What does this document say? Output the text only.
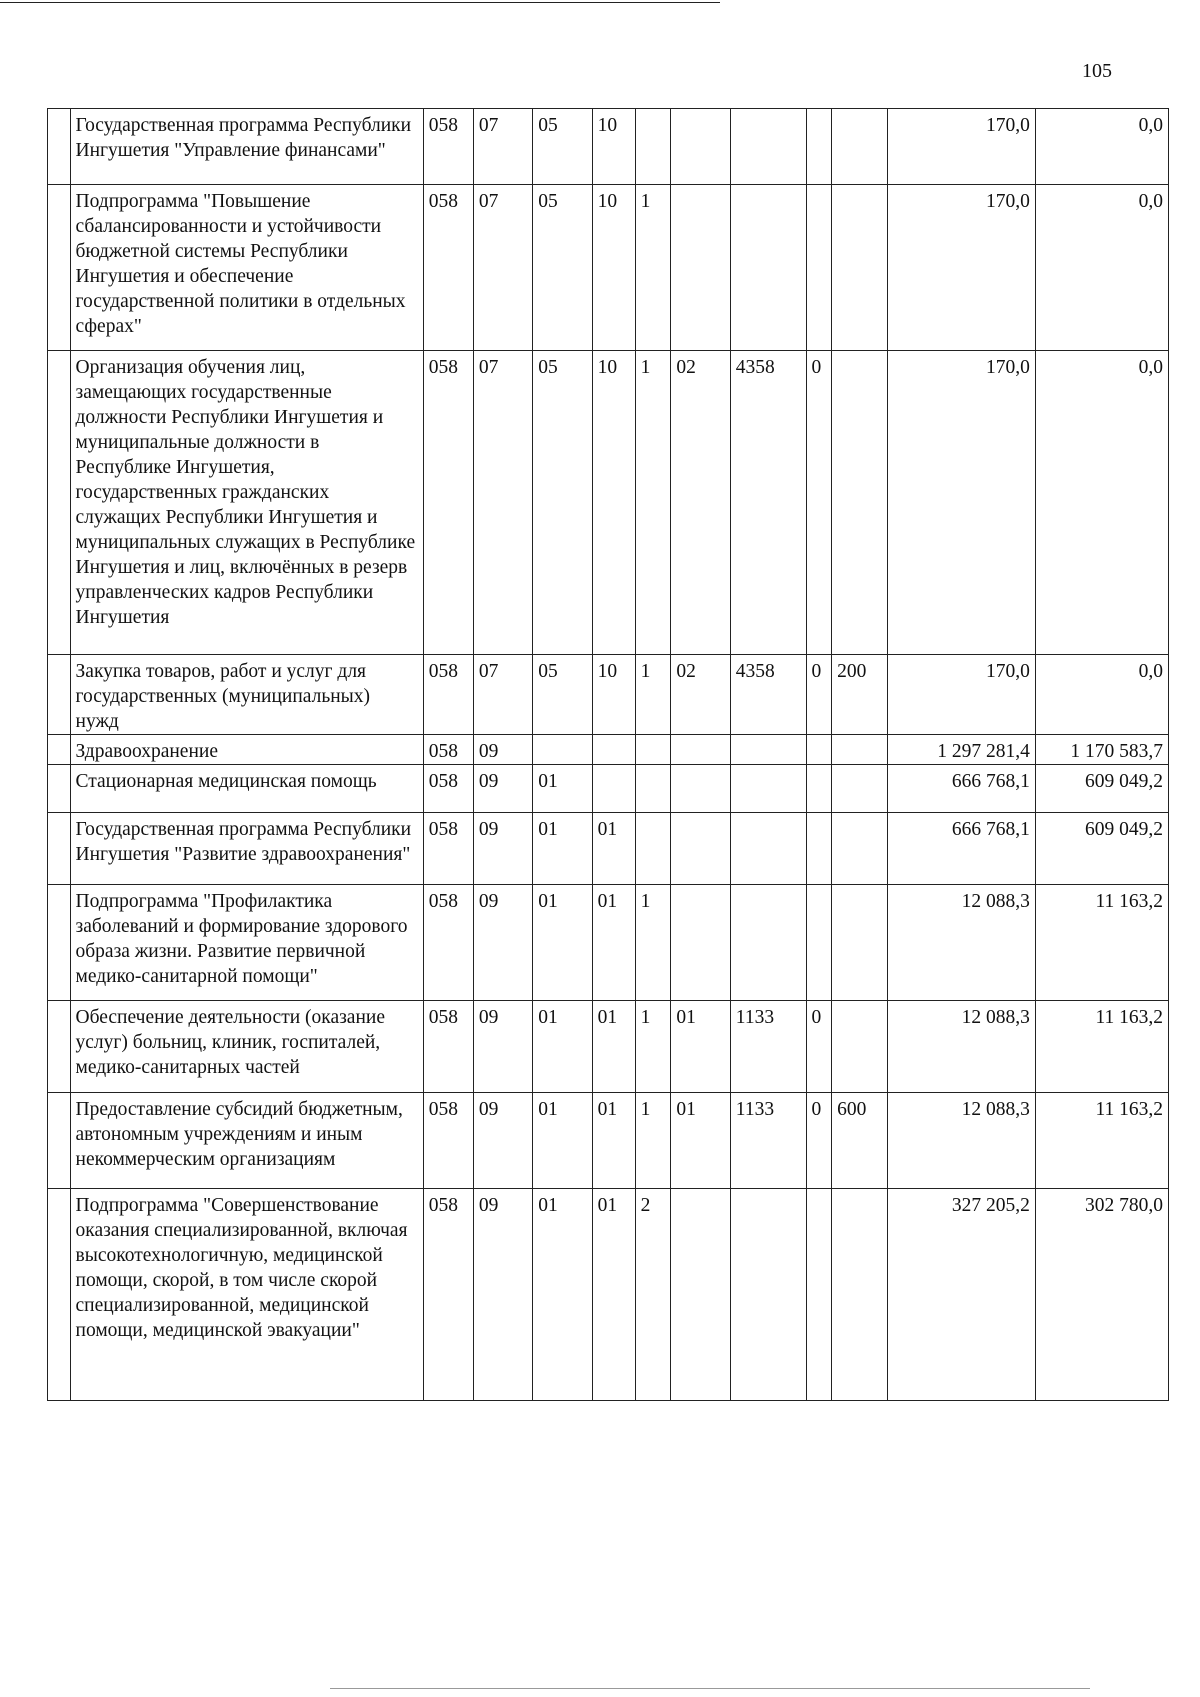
105
	Государственная программа Республики Ингушетия "Управление финансами"	058	07	05	10						170,0	0,0
	Подпрограмма "Повышение сбалансированности и устойчивости бюджетной системы Республики Ингушетия и обеспечение государственной политики в отдельных сферах"	058	07	05	10	1					170,0	0,0
	Организация обучения лиц, замещающих государственные должности Республики Ингушетия и муниципальные должности в Республике Ингушетия, государственных гражданских служащих Республики Ингушетия и муниципальных служащих в Республике Ингушетия и лиц, включённых в резерв управленческих кадров Республики Ингушетия	058	07	05	10	1	02	4358	0		170,0	0,0
	Закупка товаров, работ и услуг для государственных (муниципальных) нужд	058	07	05	10	1	02	4358	0	200	170,0	0,0
	Здравоохранение	058	09								1 297 281,4	1 170 583,7
	Стационарная медицинская помощь	058	09	01							666 768,1	609 049,2
	Государственная программа Республики Ингушетия "Развитие здравоохранения"	058	09	01	01						666 768,1	609 049,2
	Подпрограмма "Профилактика заболеваний и формирование здорового образа жизни. Развитие первичной медико-санитарной помощи"	058	09	01	01	1					12 088,3	11 163,2
	Обеспечение деятельности (оказание услуг) больниц, клиник, госпиталей, медико-санитарных частей	058	09	01	01	1	01	1133	0		12 088,3	11 163,2
	Предоставление субсидий бюджетным, автономным учреждениям и иным некоммерческим организациям	058	09	01	01	1	01	1133	0	600	12 088,3	11 163,2
	Подпрограмма "Совершенствование оказания специализированной, включая высокотехнологичную, медицинской помощи, скорой, в том числе скорой специализированной, медицинской помощи, медицинской эвакуации"	058	09	01	01	2					327 205,2	302 780,0
